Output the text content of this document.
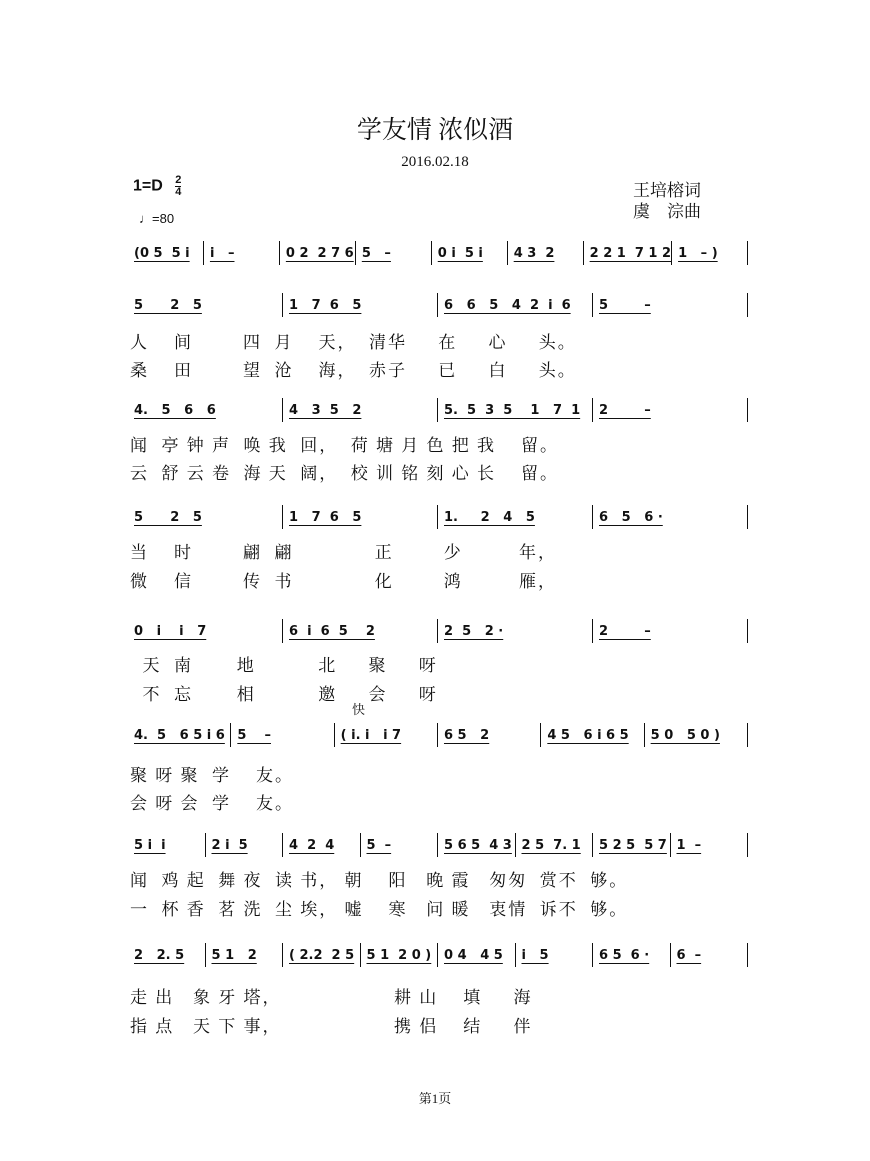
学友情 浓似酒
2016.02.18
$1=D \frac{2}{4}$
♩=80
王培榕词
虞　淙曲
(0 5  5 i	i   –	0 2  2 7 6 5   –	0 i  5 i	4 3  2	2 2 1  7 1 2 1   – )
5      2   5	1   7  6   5	6   6   5   4  2  i  6	5        –
人    间        四  月    天，  清华     在     心     头。
桑    田        望  沧    海，  赤子     已     白     头。
4.   5   6   6	4   3  5   2	5.  5  3  5    1   7  1	2        –
闻  亭 钟 声  唤 我  回，  荷 塘 月 色 把 我    留。
云  舒 云 卷  海 天  阔，  校 训 铭 刻 心 长    留。
5      2   5	1   7  6   5	1.     2   4   5	6   5   6 ·
当    时        翩  翩             正        少         年，
微    信        传  书             化        鸿         雁，
0   i    i   7	6  i  6  5    2	2  5   2 ·	2        –
天  南       地          北     聚     呀
不  忘       相          邀     会     呀
4.  5   6 5 i 6 5    –	( i. i   i 7	6 5   2	4 5   6 i 6 5	5 0   5 0 )
聚 呀 聚  学    友。
会 呀 会  学    友。
5 i  i	2 i  5	4  2  4	5  –	5 6 5  4 3 2 5  7. 1	5 2 5  5 7 1  –
闻  鸡 起  舞 夜  读 书， 朝    阳   晚 霞   匆匆  赏不  够。
一  杯 香  茗 洗  尘 埃， 嘘    寒   问 暖   衷情  诉不  够。
2   2. 5	5 1   2	( 2.2  2 5 5 1  2 0 ) 0 4   4 5	i   5	6 5  6 ·	6  –
走 出   象 牙 塔，                  耕 山    填     海
指 点   天 下 事，                  携 侣    结     伴
快
第1页
